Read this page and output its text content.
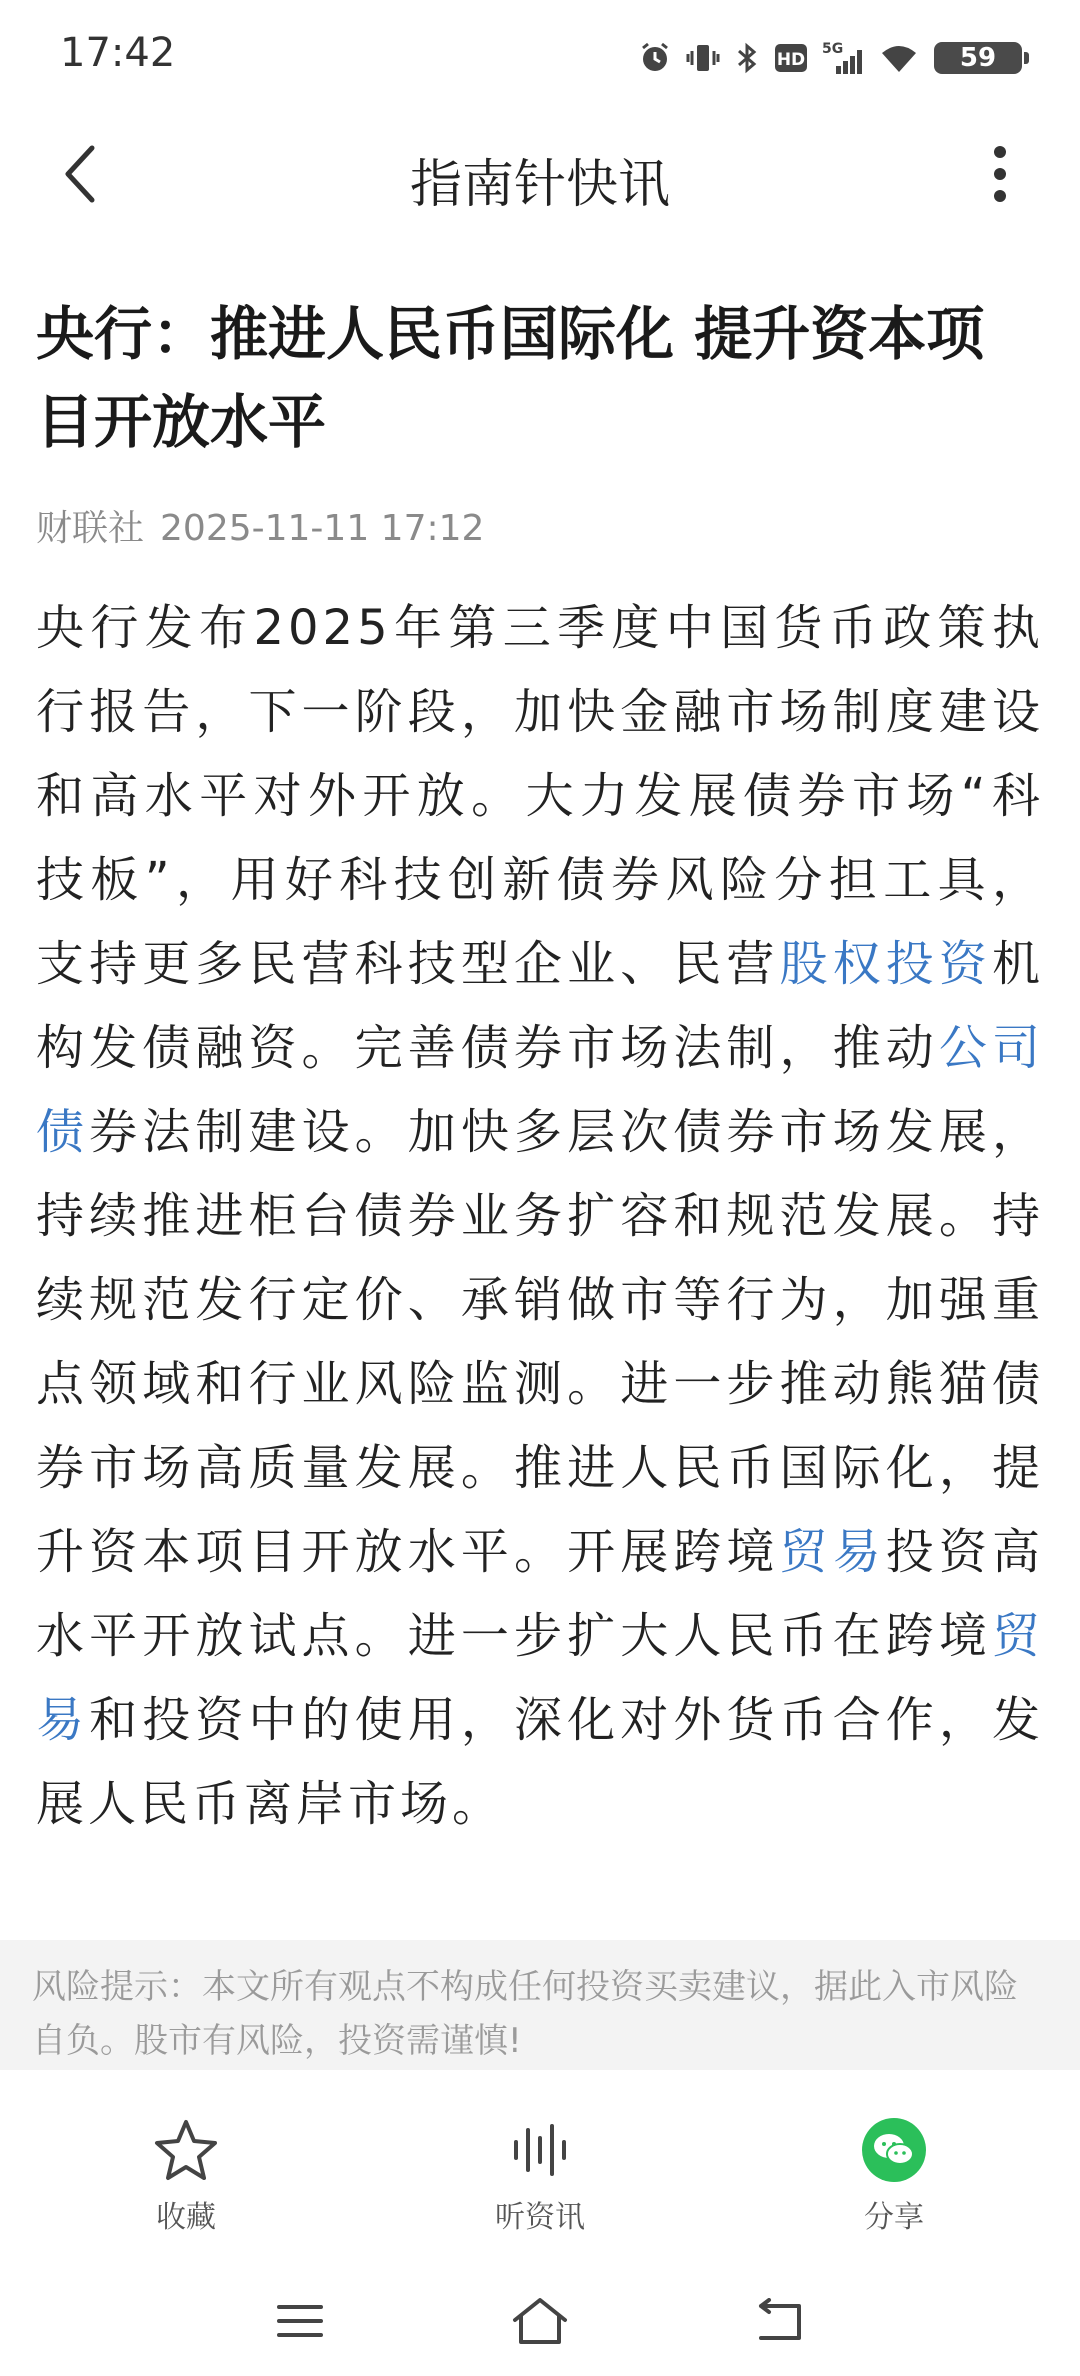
17:42	HD
5G	59
指南针快讯
央行：推进人民币国际化 提升资本项目开放水平
财联社 2025-11-11 17:12
央行发布2025年第三季度中国货币政策执行报告，下一阶段，加快金融市场制度建设和高水平对外开放。大力发展债券市场“科技板”，用好科技创新债券风险分担工具，支持更多民营科技型企业、民营股权投资机构发债融资。完善债券市场法制，推动公司债券法制建设。加快多层次债券市场发展，持续推进柜台债券业务扩容和规范发展。持续规范发行定价、承销做市等行为，加强重点领域和行业风险监测。进一步推动熊猫债券市场高质量发展。推进人民币国际化，提升资本项目开放水平。开展跨境贸易投资高水平开放试点。进一步扩大人民币在跨境贸易和投资中的使用，深化对外货币合作，发展人民币离岸市场。
风险提示：本文所有观点不构成任何投资买卖建议，据此入市风险自负。股市有风险，投资需谨慎!
收藏	听资讯	分享
